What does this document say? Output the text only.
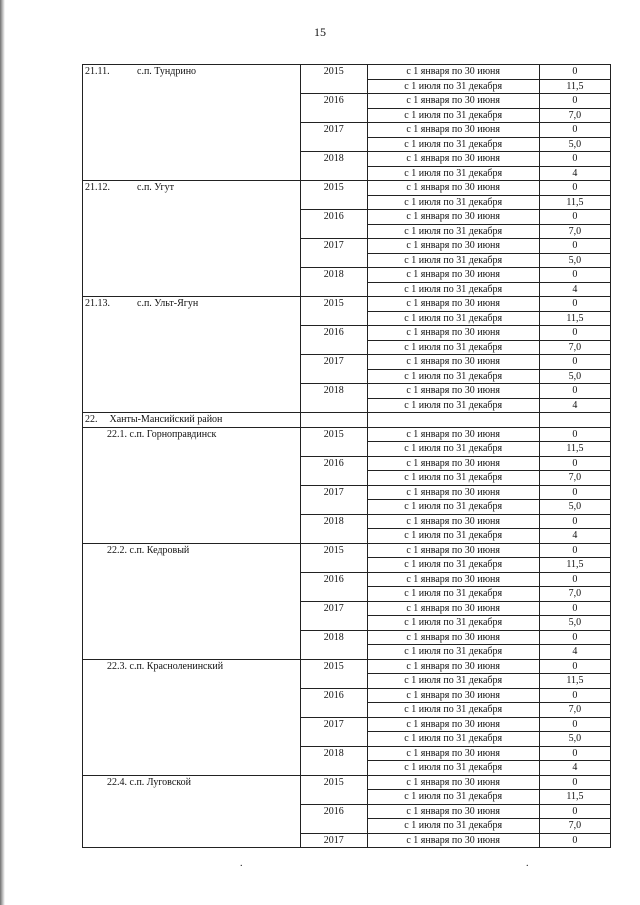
15
21.11. с.п. Тундрино	2015	с 1 января по 30 июня	0
		с 1 июля по 31 декабря	11,5
	2016	с 1 января по 30 июня	0
		с 1 июля по 31 декабря	7,0
	2017	с 1 января по 30 июня	0
		с 1 июля по 31 декабря	5,0
	2018	с 1 января по 30 июня	0
		с 1 июля по 31 декабря	4
21.12. с.п. Угут	2015	с 1 января по 30 июня	0
		с 1 июля по 31 декабря	11,5
	2016	с 1 января по 30 июня	0
		с 1 июля по 31 декабря	7,0
	2017	с 1 января по 30 июня	0
		с 1 июля по 31 декабря	5,0
	2018	с 1 января по 30 июня	0
		с 1 июля по 31 декабря	4
21.13. с.п. Ульт-Ягун	2015	с 1 января по 30 июня	0
		с 1 июля по 31 декабря	11,5
	2016	с 1 января по 30 июня	0
		с 1 июля по 31 декабря	7,0
	2017	с 1 января по 30 июня	0
		с 1 июля по 31 декабря	5,0
	2018	с 1 января по 30 июня	0
		с 1 июля по 31 декабря	4
22. Ханты-Мансийский район			
22.1. с.п. Горноправдинск	2015	с 1 января по 30 июня	0
		с 1 июля по 31 декабря	11,5
	2016	с 1 января по 30 июня	0
		с 1 июля по 31 декабря	7,0
	2017	с 1 января по 30 июня	0
		с 1 июля по 31 декабря	5,0
	2018	с 1 января по 30 июня	0
		с 1 июля по 31 декабря	4
22.2. с.п. Кедровый	2015	с 1 января по 30 июня	0
		с 1 июля по 31 декабря	11,5
	2016	с 1 января по 30 июня	0
		с 1 июля по 31 декабря	7,0
	2017	с 1 января по 30 июня	0
		с 1 июля по 31 декабря	5,0
	2018	с 1 января по 30 июня	0
		с 1 июля по 31 декабря	4
22.3. с.п. Красноленинский	2015	с 1 января по 30 июня	0
		с 1 июля по 31 декабря	11,5
	2016	с 1 января по 30 июня	0
		с 1 июля по 31 декабря	7,0
	2017	с 1 января по 30 июня	0
		с 1 июля по 31 декабря	5,0
	2018	с 1 января по 30 июня	0
		с 1 июля по 31 декабря	4
22.4. с.п. Луговской	2015	с 1 января по 30 июня	0
		с 1 июля по 31 декабря	11,5
	2016	с 1 января по 30 июня	0
		с 1 июля по 31 декабря	7,0
	2017	с 1 января по 30 июня	0
.	.
